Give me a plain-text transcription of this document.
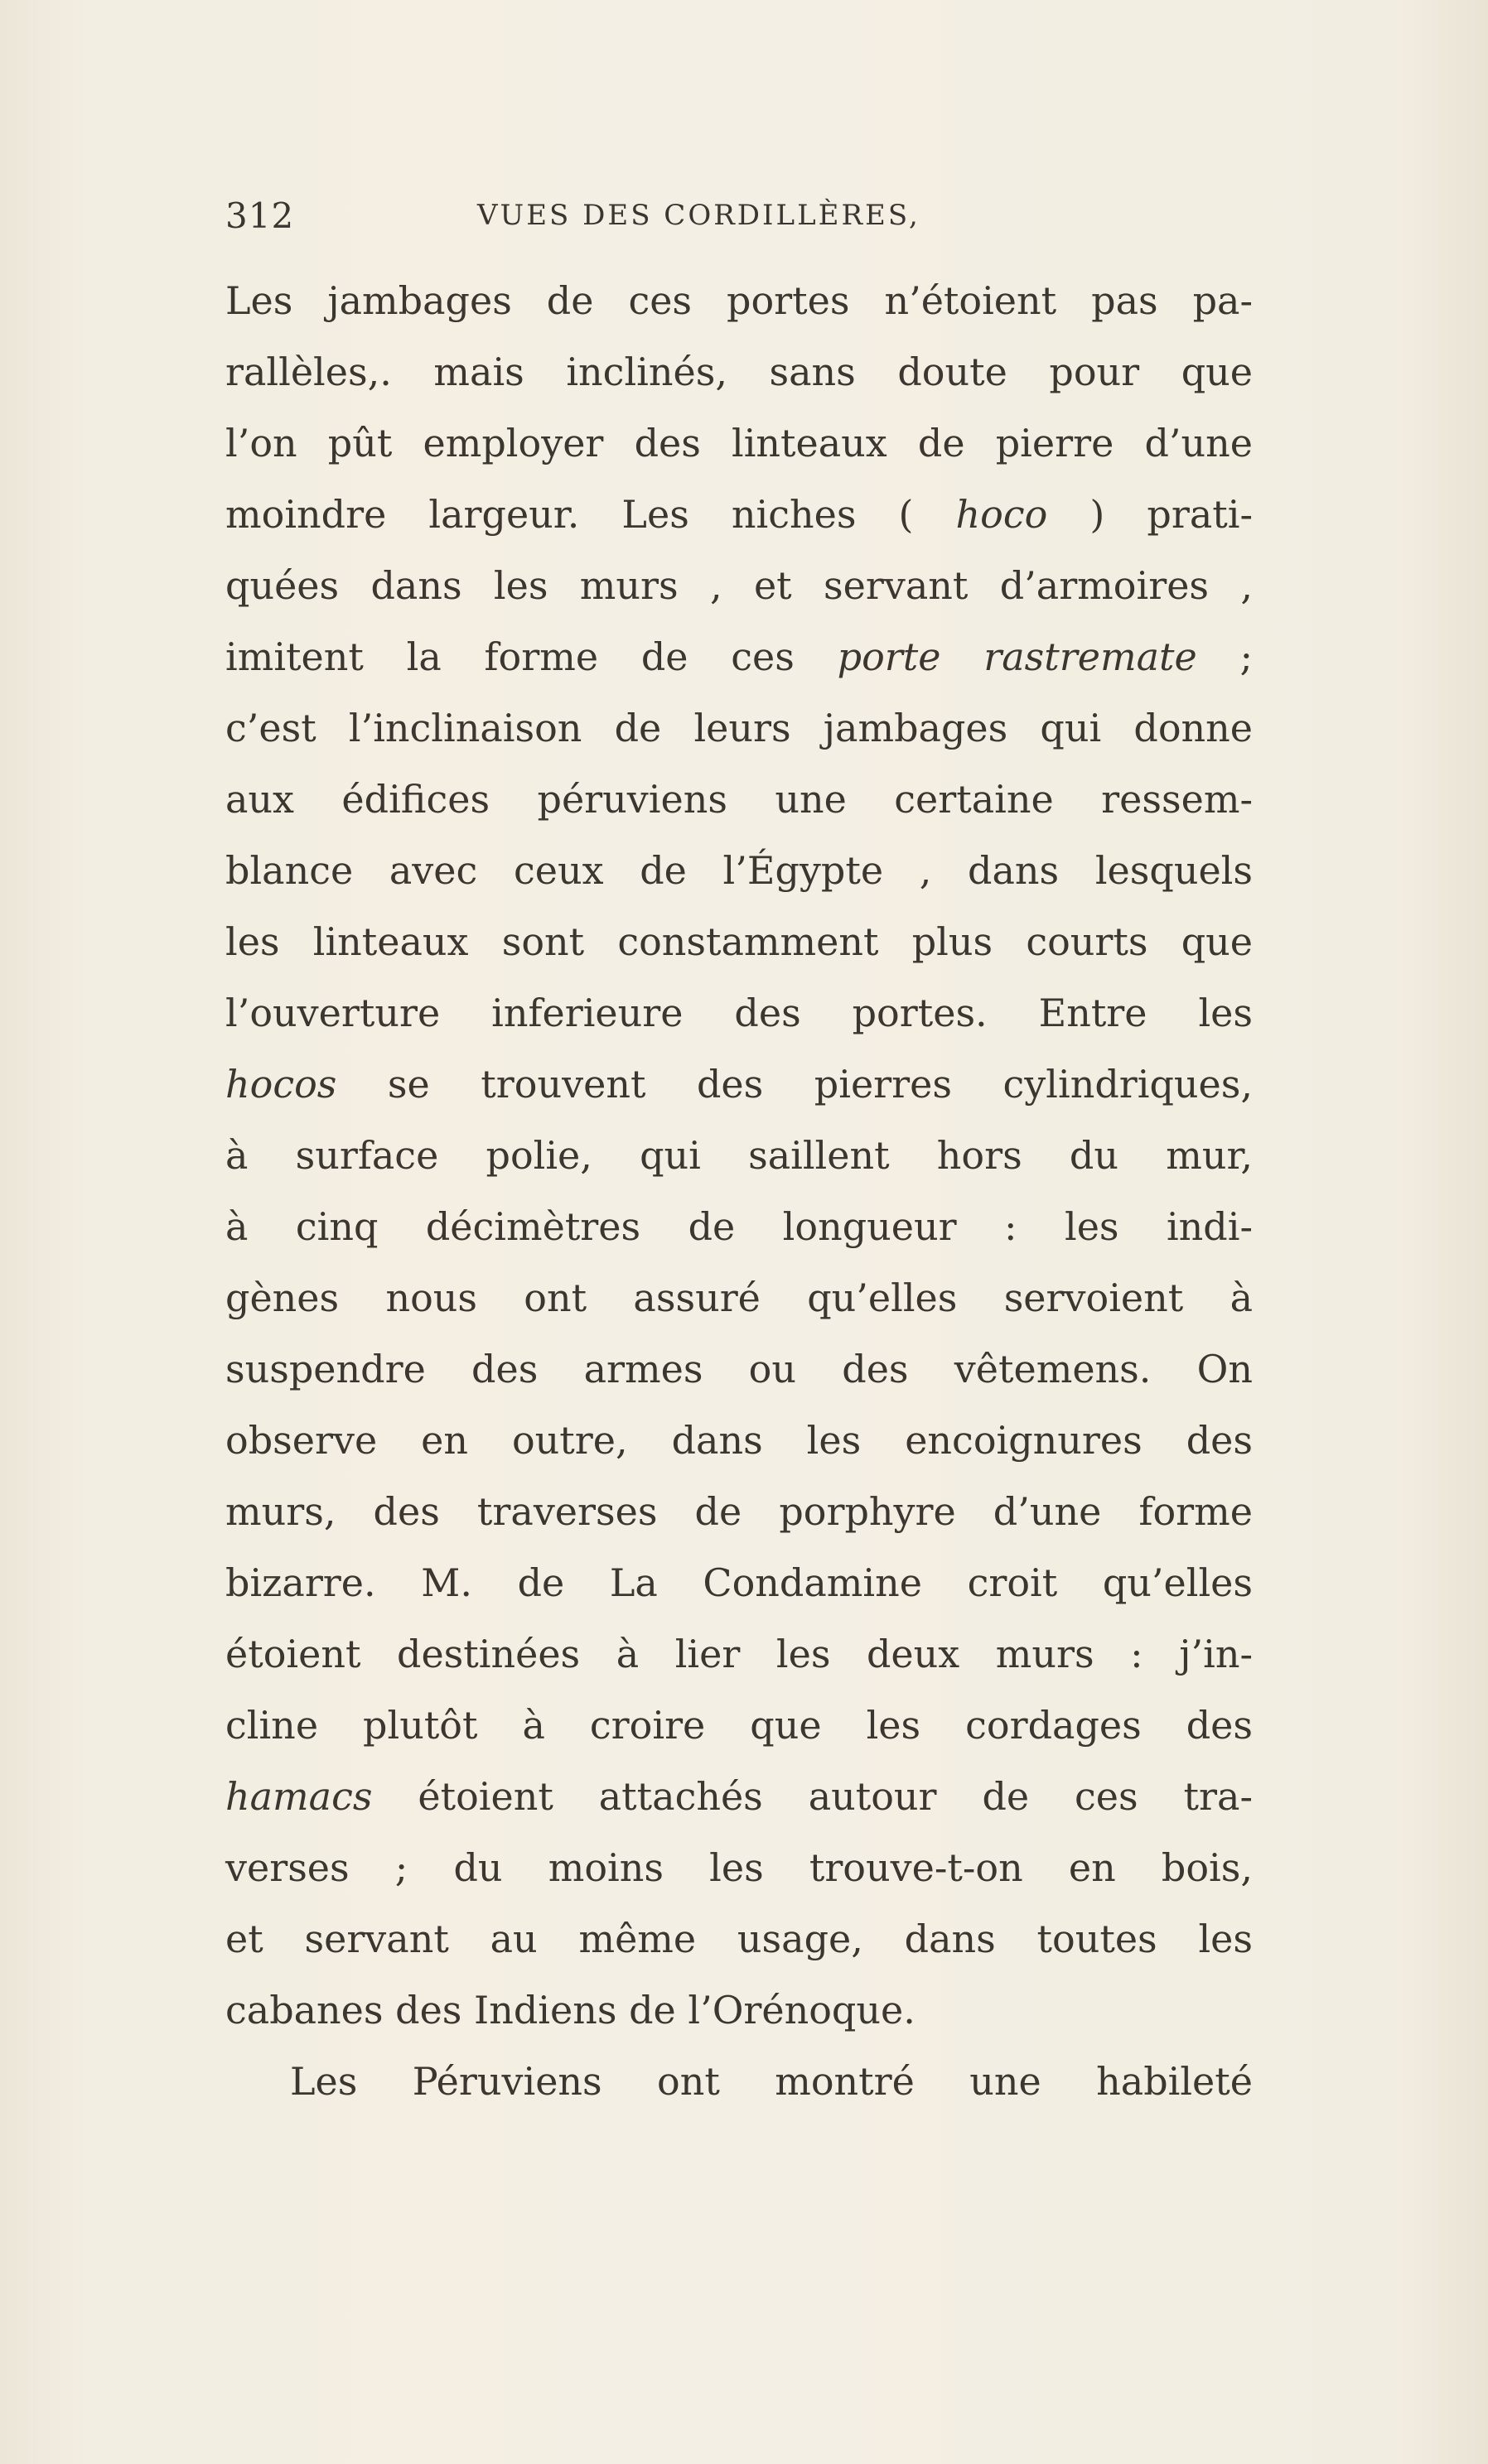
312	VUES DES CORDILLÈRES,
Les jambages de ces portes n’étoient pas pa-
rallèles,. mais inclinés, sans doute pour que
l’on pût employer des linteaux de pierre d’une
moindre largeur. Les niches ( hoco ) prati-
quées dans les murs , et servant d’armoires ,
imitent la forme de ces porte rastremate ;
c’est l’inclinaison de leurs jambages qui donne
aux édifices péruviens une certaine ressem-
blance avec ceux de l’Égypte , dans lesquels
les linteaux sont constamment plus courts que
l’ouverture inferieure des portes. Entre les
hocos se trouvent des pierres cylindriques,
à surface polie, qui saillent hors du mur,
à cinq décimètres de longueur : les indi-
gènes nous ont assuré qu’elles servoient à
suspendre des armes ou des vêtemens. On
observe en outre, dans les encoignures des
murs, des traverses de porphyre d’une forme
bizarre. M. de La Condamine croit qu’elles
étoient destinées à lier les deux murs : j’in-
cline plutôt à croire que les cordages des
hamacs étoient attachés autour de ces tra-
verses ; du moins les trouve-t-on en bois,
et servant au même usage, dans toutes les
cabanes des Indiens de l’Orénoque.
Les Péruviens ont montré une habileté
